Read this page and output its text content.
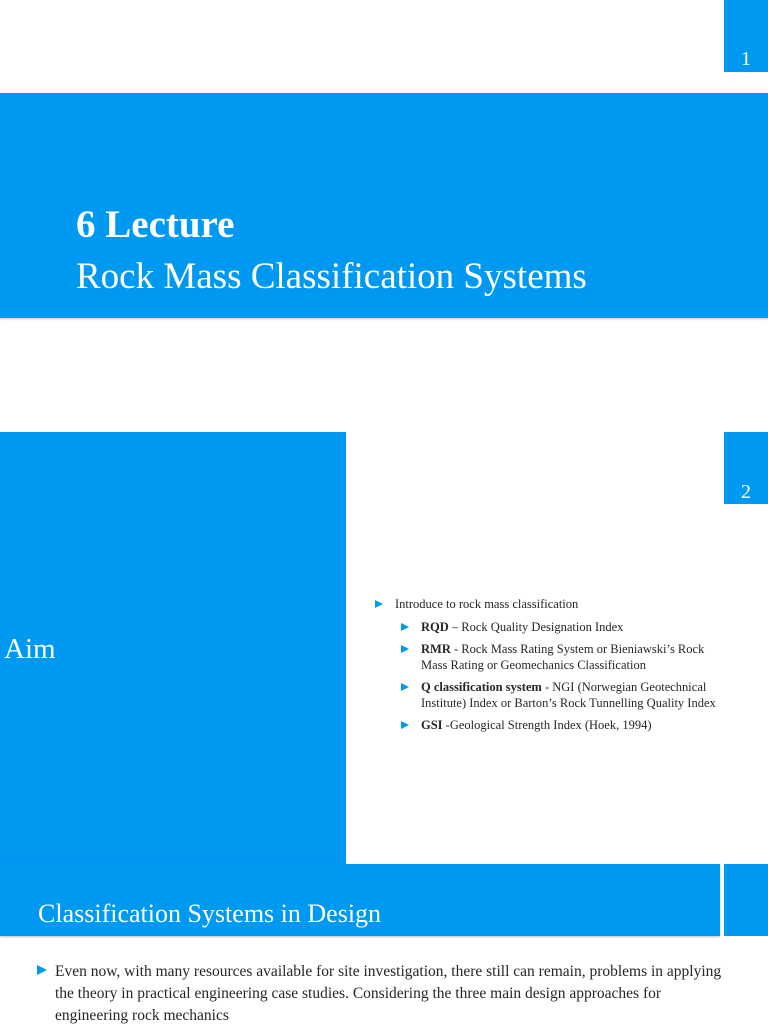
1
6 Lecture
Rock Mass Classification Systems
Aim
2
Introduce to rock mass classification
RQD – Rock Quality Designation Index
RMR - Rock Mass Rating System or Bieniawski’s Rock Mass Rating or Geomechanics Classification
Q classification system - NGI (Norwegian Geotechnical Institute) Index or Barton’s Rock Tunnelling Quality Index
GSI -Geological Strength Index (Hoek, 1994)
Classification Systems in Design
Even now, with many resources available for site investigation, there still can remain, problems in applying the theory in practical engineering case studies. Considering the three main design approaches for engineering rock mechanics
